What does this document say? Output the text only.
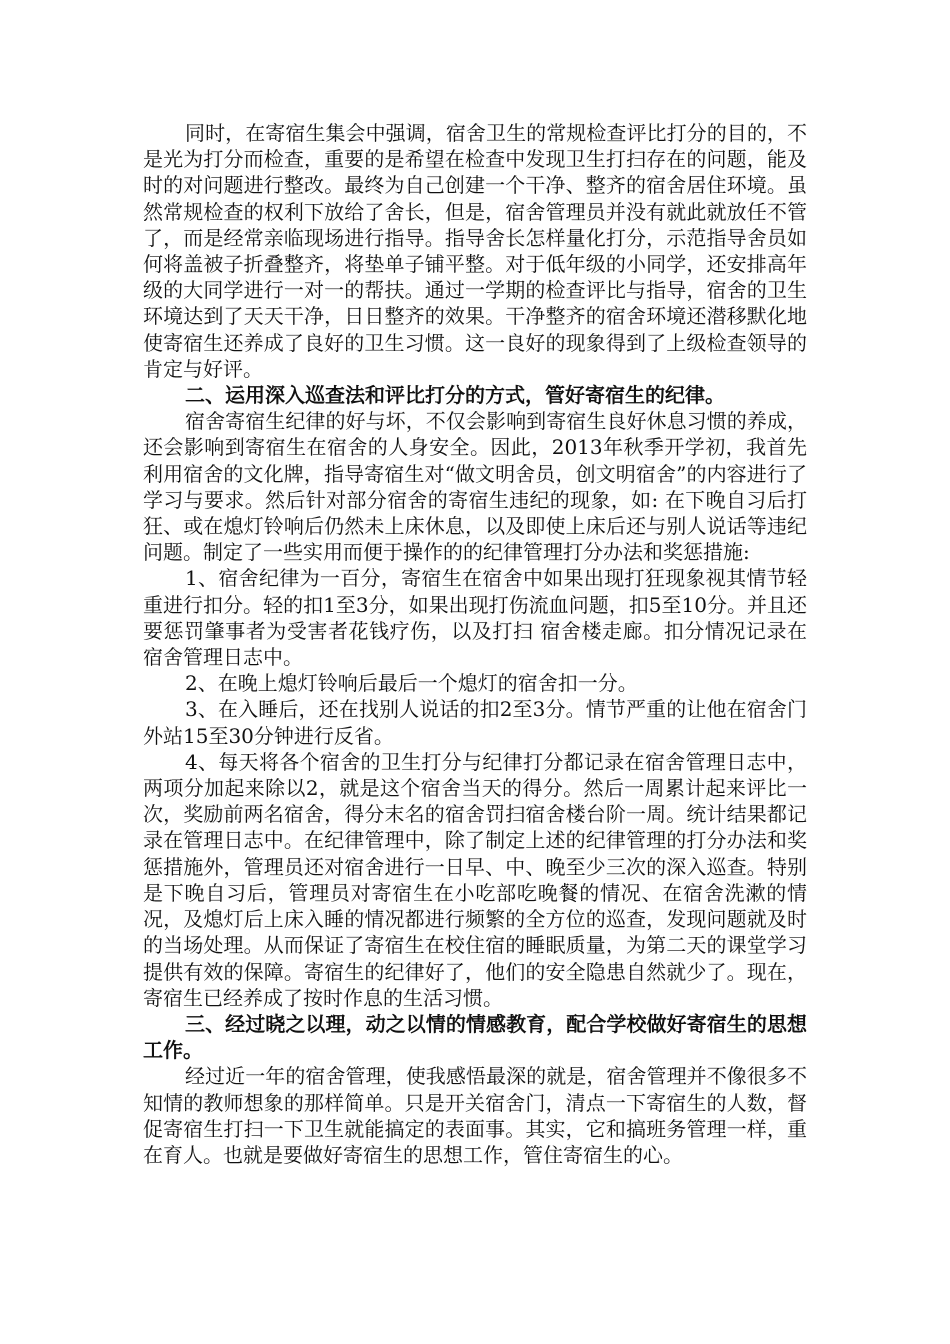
同时，在寄宿生集会中强调，宿舍卫生的常规检查评比打分的目的，不是光为打分而检查，重要的是希望在检查中发现卫生打扫存在的问题，能及时的对问题进行整改。最终为自己创建一个干净、整齐的宿舍居住环境。虽然常规检查的权利下放给了舍长，但是，宿舍管理员并没有就此就放任不管了，而是经常亲临现场进行指导。指导舍长怎样量化打分，示范指导舍员如何将盖被子折叠整齐，将垫单子铺平整。对于低年级的小同学，还安排高年级的大同学进行一对一的帮扶。通过一学期的检查评比与指导，宿舍的卫生环境达到了天天干净，日日整齐的效果。干净整齐的宿舍环境还潜移默化地使寄宿生还养成了良好的卫生习惯。这一良好的现象得到了上级检查领导的肯定与好评。

二、运用深入巡查法和评比打分的方式，管好寄宿生的纪律。

宿舍寄宿生纪律的好与坏，不仅会影响到寄宿生良好休息习惯的养成，还会影响到寄宿生在宿舍的人身安全。因此，2013年秋季开学初，我首先利用宿舍的文化牌，指导寄宿生对“做文明舍员，创文明宿舍”的内容进行了学习与要求。然后针对部分宿舍的寄宿生违纪的现象，如: 在下晚自习后打狂、或在熄灯铃响后仍然未上床休息，以及即使上床后还与别人说话等违纪问题。制定了一些实用而便于操作的的纪律管理打分办法和奖惩措施:

1、宿舍纪律为一百分，寄宿生在宿舍中如果出现打狂现象视其情节轻重进行扣分。轻的扣1至3分，如果出现打伤流血问题，扣5至10分。并且还要惩罚肇事者为受害者花钱疗伤，以及打扫 宿舍楼走廊。扣分情况记录在宿舍管理日志中。

2、在晚上熄灯铃响后最后一个熄灯的宿舍扣一分。

3、在入睡后，还在找别人说话的扣2至3分。情节严重的让他在宿舍门外站15至30分钟进行反省。

4、每天将各个宿舍的卫生打分与纪律打分都记录在宿舍管理日志中，两项分加起来除以2，就是这个宿舍当天的得分。然后一周累计起来评比一次，奖励前两名宿舍，得分末名的宿舍罚扫宿舍楼台阶一周。统计结果都记录在管理日志中。在纪律管理中，除了制定上述的纪律管理的打分办法和奖惩措施外，管理员还对宿舍进行一日早、中、晚至少三次的深入巡查。特别是下晚自习后，管理员对寄宿生在小吃部吃晚餐的情况、在宿舍洗漱的情况，及熄灯后上床入睡的情况都进行频繁的全方位的巡查，发现问题就及时的当场处理。从而保证了寄宿生在校住宿的睡眠质量，为第二天的课堂学习提供有效的保障。寄宿生的纪律好了，他们的安全隐患自然就少了。现在，寄宿生已经养成了按时作息的生活习惯。

三、经过晓之以理，动之以情的情感教育，配合学校做好寄宿生的思想工作。

经过近一年的宿舍管理，使我感悟最深的就是，宿舍管理并不像很多不知情的教师想象的那样简单。只是开关宿舍门，清点一下寄宿生的人数，督促寄宿生打扫一下卫生就能搞定的表面事。其实，它和搞班务管理一样，重在育人。也就是要做好寄宿生的思想工作，管住寄宿生的心。
